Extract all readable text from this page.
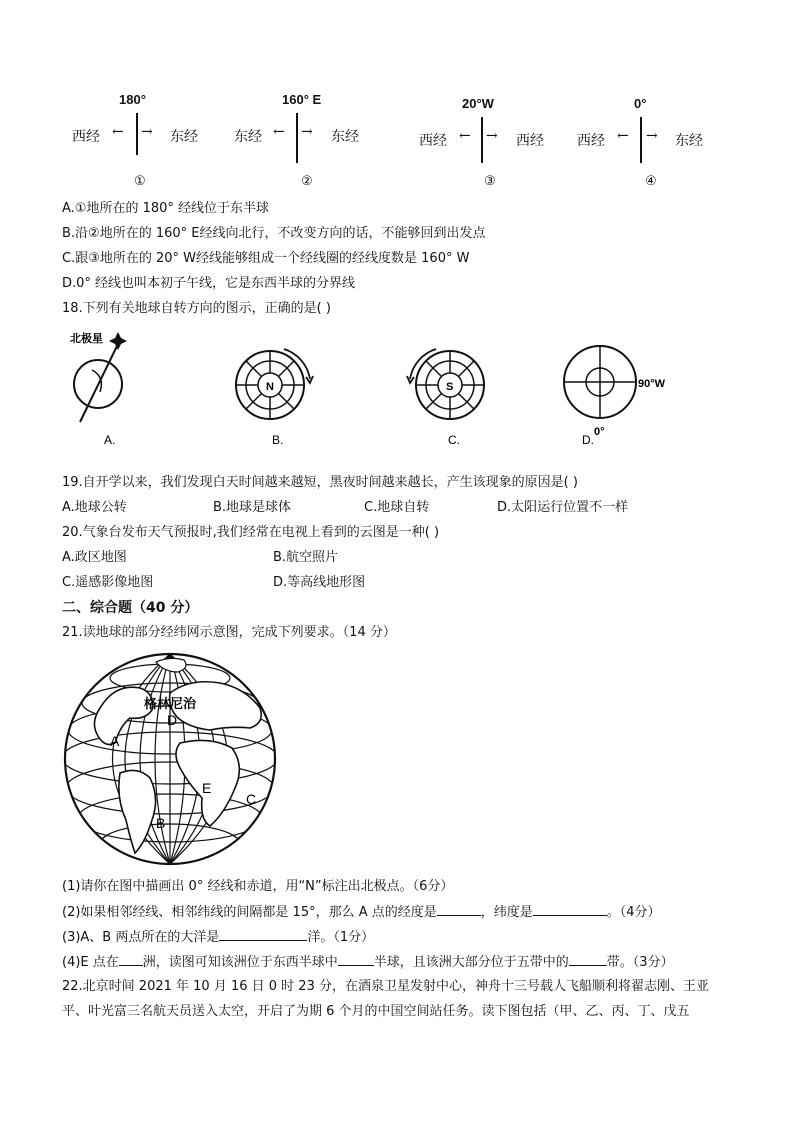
180°
西经 ← → 东经
①
160° E
东经 ← → 东经
②
20°W
西经 ← → 西经
③
0°
西经 ← → 东经
④
A.①地所在的 180° 经线位于东半球
B.沿②地所在的 160° E经线向北行，不改变方向的话，不能够回到出发点
C.跟③地所在的 20° W经线能够组成一个经线圈的经线度数是 160° W
D.0° 经线也叫本初子午线，它是东西半球的分界线
18.下列有关地球自转方向的图示，正确的是( )
北极星
N	S	90°W
0°
A.	B.	C.	D.
19.自开学以来，我们发现白天时间越来越短，黑夜时间越来越长，产生该现象的原因是( )
A.地球公转	B.地球是球体	C.地球自转	D.太阳运行位置不一样
20.气象台发布天气预报时,我们经常在电视上看到的云图是一种( )
A.政区地图	B.航空照片
C.遥感影像地图	D.等高线地形图
二、综合题（40 分）
21.读地球的部分经纬网示意图，完成下列要求。（14 分）
格林尼治
D
A
E
B
C
(1)请你在图中描画出 0° 经线和赤道，用“N”标注出北极点。（6分）
(2)如果相邻经线、相邻纬线的间隔都是 15°，那么 A 点的经度是	，纬度是	。（4分）
(3)A、B 两点所在的大洋是	洋。（1分）
(4)E 点在 洲，读图可知该洲位于东西半球中	半球，且该洲大部分位于五带中的	带。（3分）
22.北京时间 2021 年 10 月 16 日 0 时 23 分，在酒泉卫星发射中心，神舟十三号载人飞船顺利将翟志刚、王亚
平、叶光富三名航天员送入太空，开启了为期 6 个月的中国空间站任务。读下图包括（甲、乙、丙、丁、戊五
